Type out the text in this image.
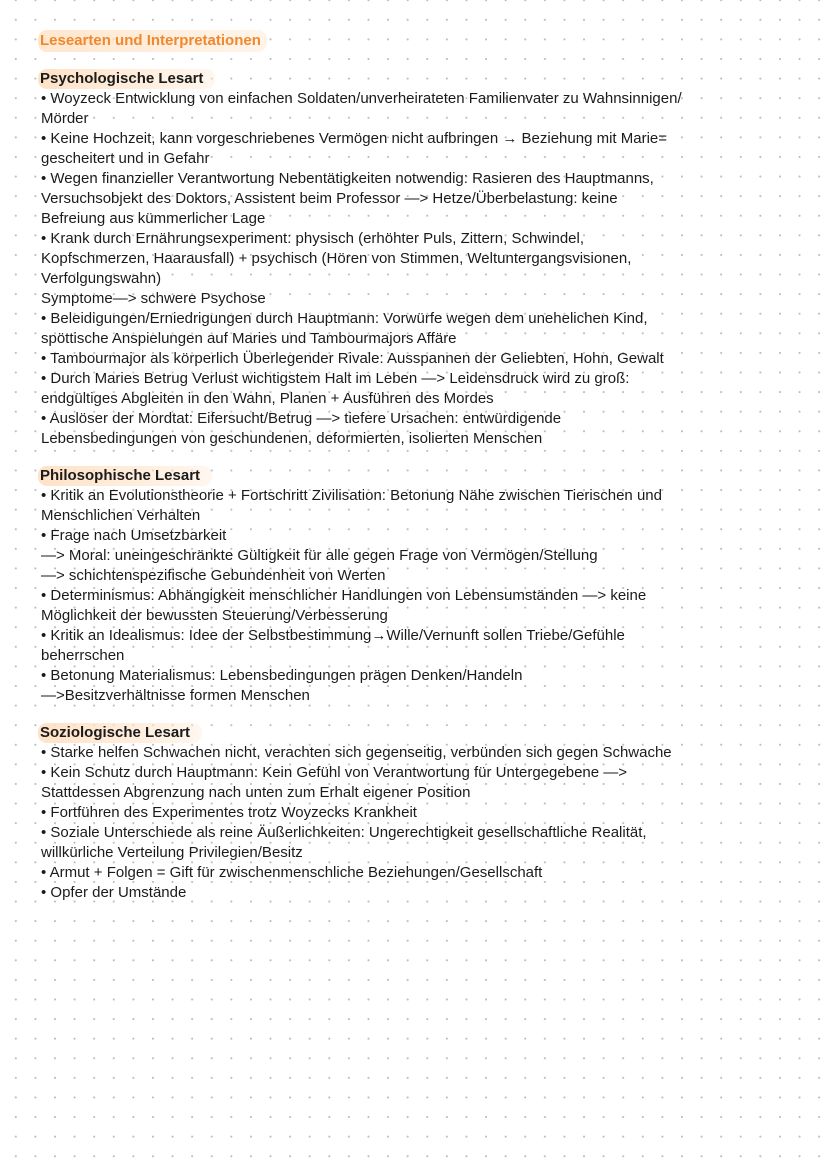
Lesearten und Interpretationen
Psychologische Lesart

• Woyzeck Entwicklung von einfachen Soldaten/unverheirateten Familienvater zu Wahnsinnigen/

Mörder

• Keine Hochzeit, kann vorgeschriebenes Vermögen nicht aufbringen → Beziehung mit Marie=

gescheitert und in Gefahr

• Wegen finanzieller Verantwortung Nebentätigkeiten notwendig: Rasieren des Hauptmanns,

Versuchsobjekt des Doktors, Assistent beim Professor —> Hetze/Überbelastung: keine

Befreiung aus kümmerlicher Lage

• Krank durch Ernährungsexperiment: physisch (erhöhter Puls, Zittern, Schwindel,

Kopfschmerzen, Haarausfall) + psychisch (Hören von Stimmen, Weltuntergangsvisionen,

Verfolgungswahn)

Symptome—> schwere Psychose

• Beleidigungen/Erniedrigungen durch Hauptmann: Vorwürfe wegen dem unehelichen Kind,

spöttische Anspielungen auf Maries und Tambourmajors Affäre

• Tambourmajor als körperlich Überlegender Rivale: Ausspannen der Geliebten, Hohn, Gewalt

• Durch Maries Betrug Verlust wichtigstem Halt im Leben —> Leidensdruck wird zu groß:

endgültiges Abgleiten in den Wahn, Planen + Ausführen des Mordes

• Auslöser der Mordtat: Eifersucht/Betrug —> tiefere Ursachen: entwürdigende

Lebensbedingungen von geschundenen, deformierten, isolierten Menschen

Philosophische Lesart

• Kritik an Evolutionstheorie + Fortschritt Zivilisation: Betonung Nähe zwischen Tierischen und

Menschlichen Verhalten

• Frage nach Umsetzbarkeit

—> Moral: uneingeschränkte Gültigkeit für alle gegen Frage von Vermögen/Stellung

—> schichtenspezifische Gebundenheit von Werten

• Determinismus: Abhängigkeit menschlicher Handlungen von Lebensumständen —> keine

Möglichkeit der bewussten Steuerung/Verbesserung

• Kritik an Idealismus: Idee der Selbstbestimmung→Wille/Vernunft sollen Triebe/Gefühle

beherrschen

• Betonung Materialismus: Lebensbedingungen prägen Denken/Handeln

—>Besitzverhältnisse formen Menschen

Soziologische Lesart

• Starke helfen Schwachen nicht, verachten sich gegenseitig, verbünden sich gegen Schwache

• Kein Schutz durch Hauptmann: Kein Gefühl von Verantwortung für Untergegebene —>

Stattdessen Abgrenzung nach unten zum Erhalt eigener Position

• Fortführen des Experimentes trotz Woyzecks Krankheit

• Soziale Unterschiede als reine Äußerlichkeiten: Ungerechtigkeit gesellschaftliche Realität,

willkürliche Verteilung Privilegien/Besitz

• Armut + Folgen = Gift für zwischenmenschliche Beziehungen/Gesellschaft

• Opfer der Umstände
